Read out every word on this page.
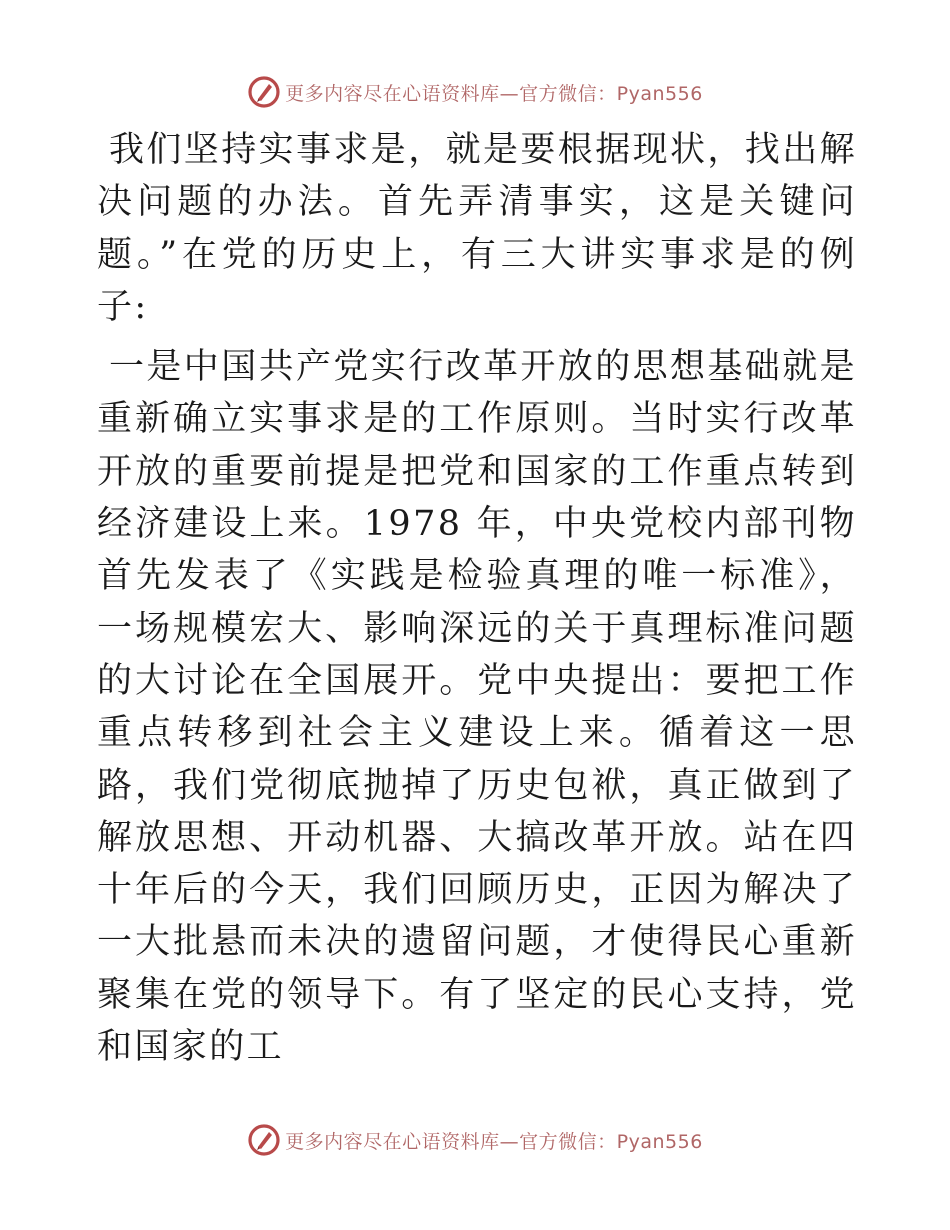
更多内容尽在心语资料库—官方微信：Pyan556

我们坚持实事求是，就是要根据现状，找出解决问题的办法。首先弄清事实，这是关键问题。”在党的历史上，有三大讲实事求是的例子:

一是中国共产党实行改革开放的思想基础就是重新确立实事求是的工作原则。当时实行改革开放的重要前提是把党和国家的工作重点转到经济建设上来。1978 年，中央党校内部刊物首先发表了《实践是检验真理的唯一标准》，一场规模宏大、影响深远的关于真理标准问题的大讨论在全国展开。党中央提出：要把工作重点转移到社会主义建设上来。循着这一思路，我们党彻底抛掉了历史包袱，真正做到了解放思想、开动机器、大搞改革开放。站在四十年后的今天，我们回顾历史，正因为解决了一大批悬而未决的遗留问题，才使得民心重新聚集在党的领导下。有了坚定的民心支持，党和国家的工

更多内容尽在心语资料库—官方微信：Pyan556
